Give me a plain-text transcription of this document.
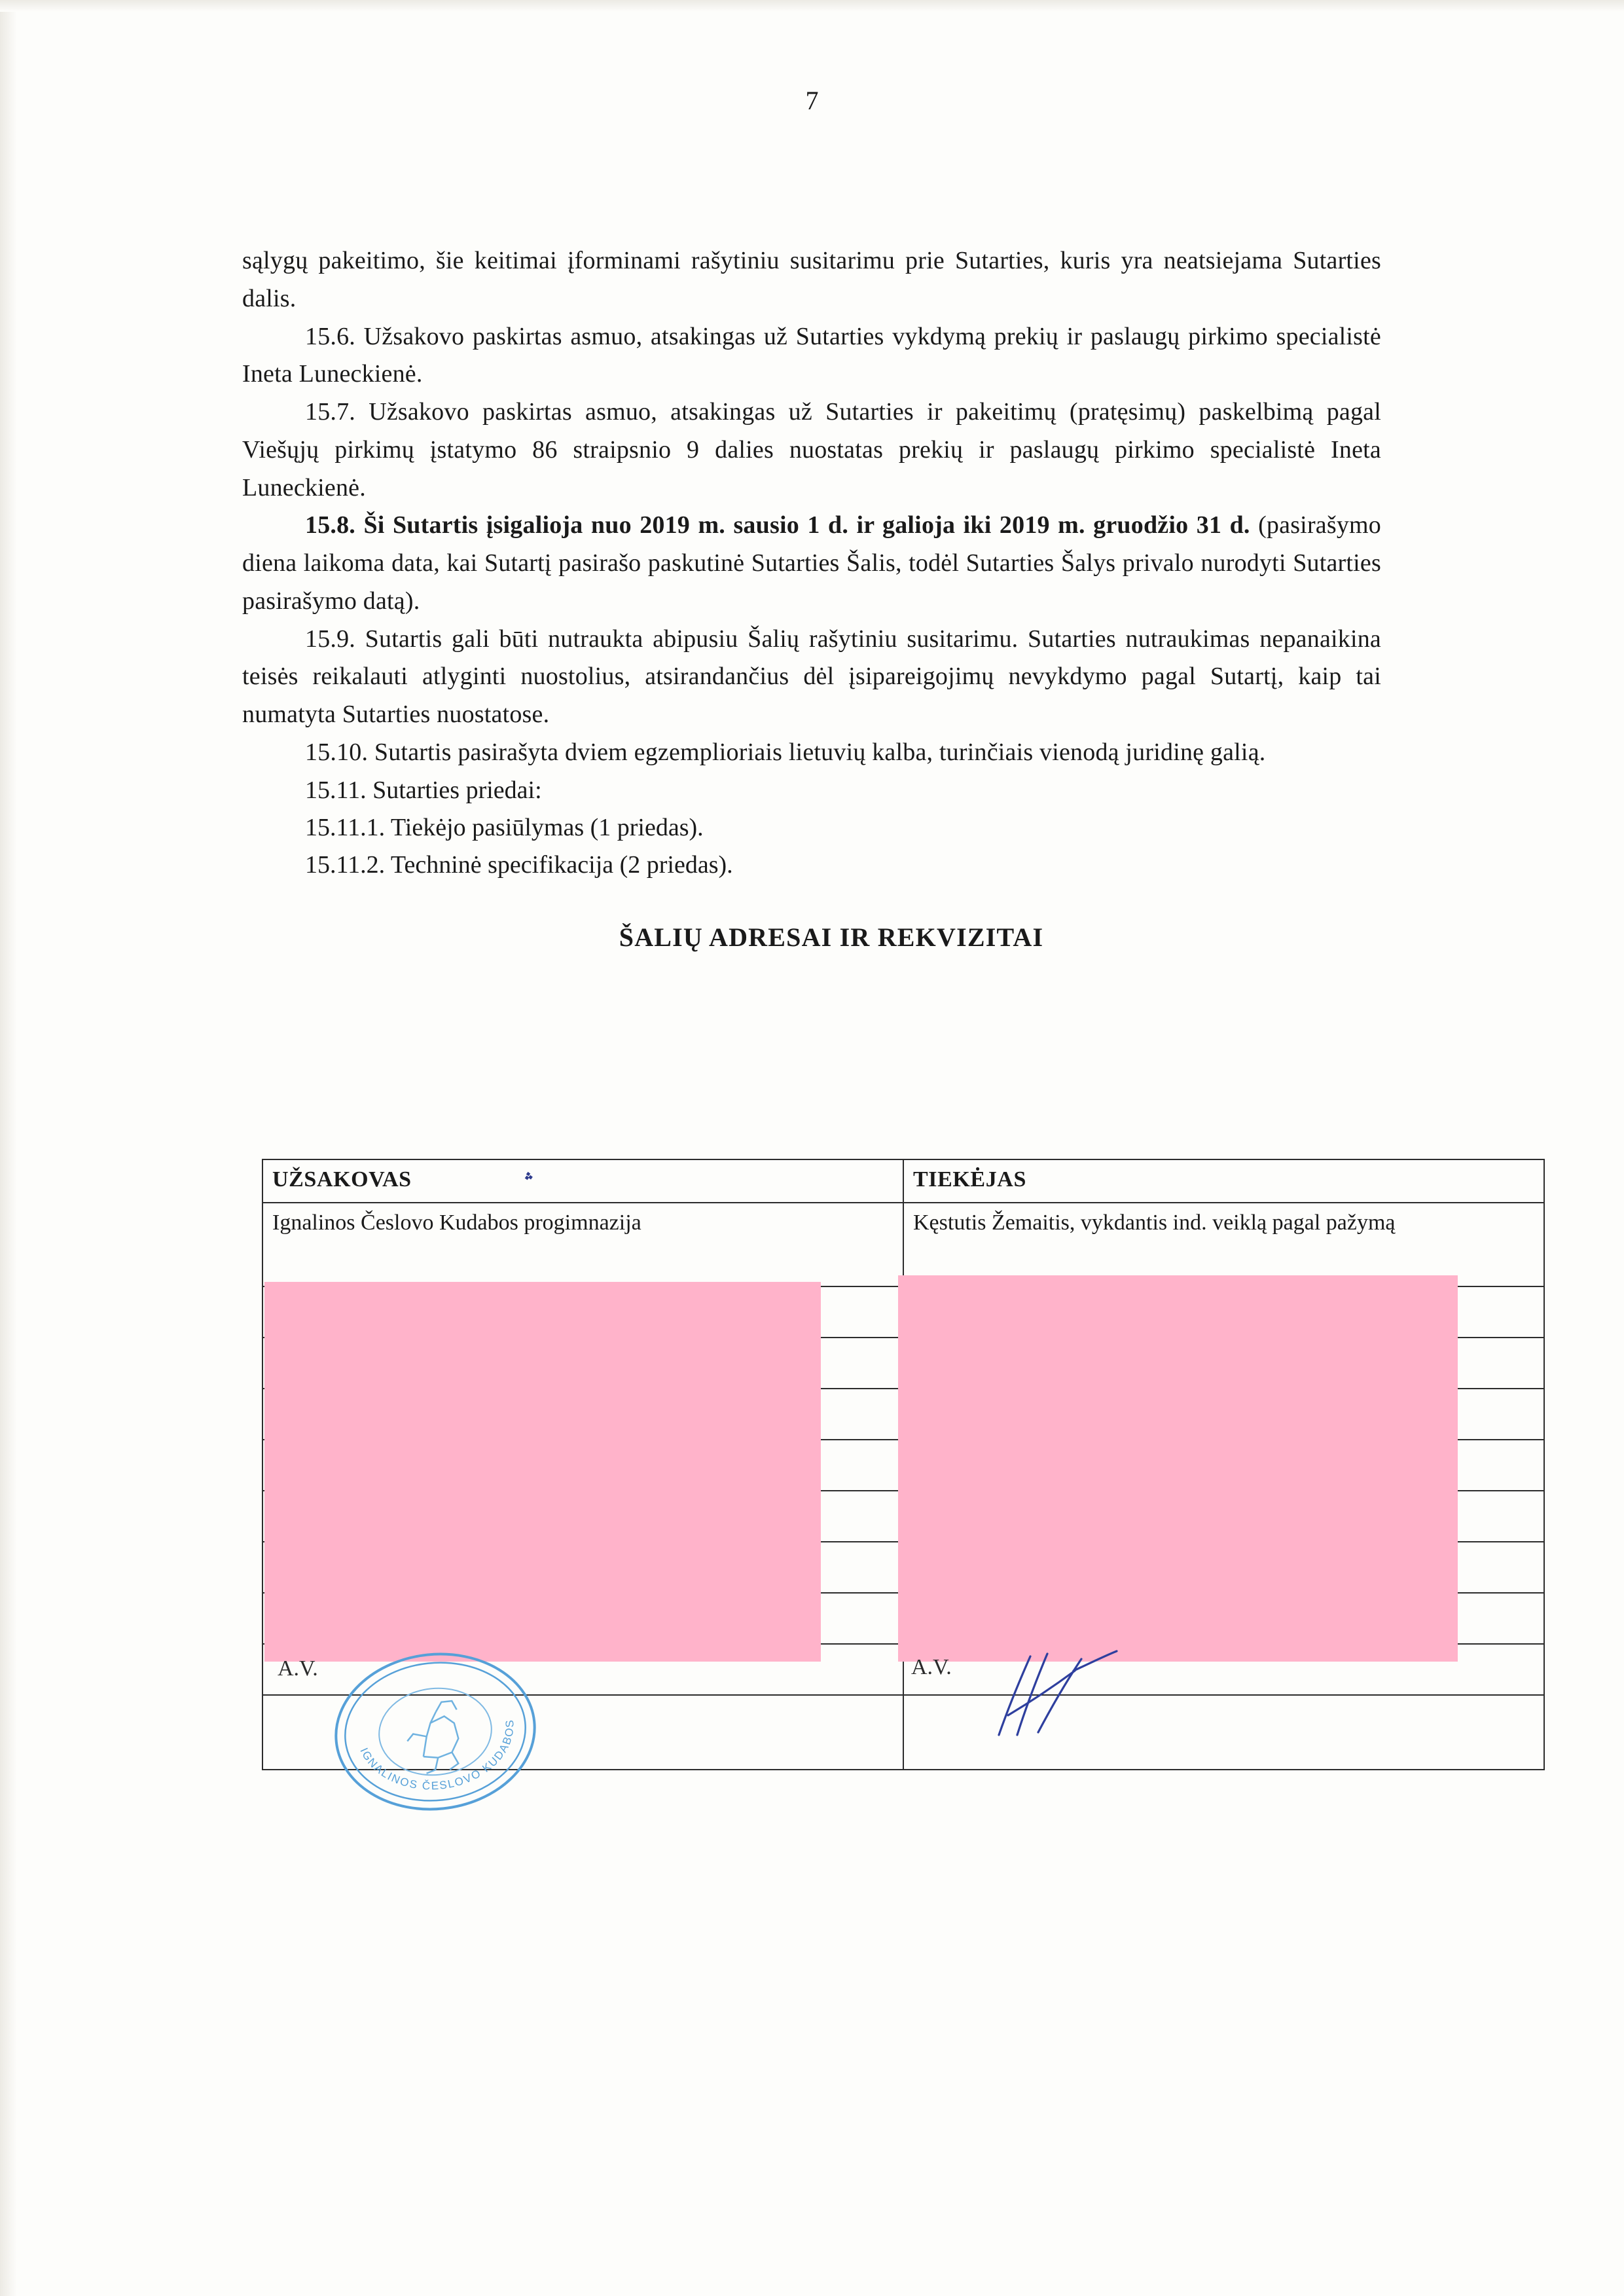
7

sąlygų pakeitimo, šie keitimai įforminami rašytiniu susitarimu prie Sutarties, kuris yra neatsiejama Sutarties dalis.

15.6. Užsakovo paskirtas asmuo, atsakingas už Sutarties vykdymą prekių ir paslaugų pirkimo specialistė Ineta Luneckienė.

15.7. Užsakovo paskirtas asmuo, atsakingas už Sutarties ir pakeitimų (pratęsimų) paskelbimą pagal Viešųjų pirkimų įstatymo 86 straipsnio 9 dalies nuostatas prekių ir paslaugų pirkimo specialistė Ineta Luneckienė.

15.8. Ši Sutartis įsigalioja nuo 2019 m. sausio 1 d. ir galioja iki 2019 m. gruodžio 31 d. (pasirašymo diena laikoma data, kai Sutartį pasirašo paskutinė Sutarties Šalis, todėl Sutarties Šalys privalo nurodyti Sutarties pasirašymo datą).

15.9. Sutartis gali būti nutraukta abipusiu Šalių rašytiniu susitarimu. Sutarties nutraukimas nepanaikina teisės reikalauti atlyginti nuostolius, atsirandančius dėl įsipareigojimų nevykdymo pagal Sutartį, kaip tai numatyta Sutarties nuostatose.

15.10. Sutartis pasirašyta dviem egzemplioriais lietuvių kalba, turinčiais vienodą juridinę galią.

15.11. Sutarties priedai:

15.11.1. Tiekėjo pasiūlymas (1 priedas).

15.11.2. Techninė specifikacija (2 priedas).

ŠALIŲ ADRESAI IR REKVIZITAI
UŽSAKOVAS	TIEKĖJAS

Ignalinos Česlovo Kudabos progimnazija	Kęstutis Žemaitis, vykdantis ind. veiklą pagal pažymą

؞
A.V.	A.V.
IGNALINOS ČESLOVO KUDABOS PROGIMNAZIJA
